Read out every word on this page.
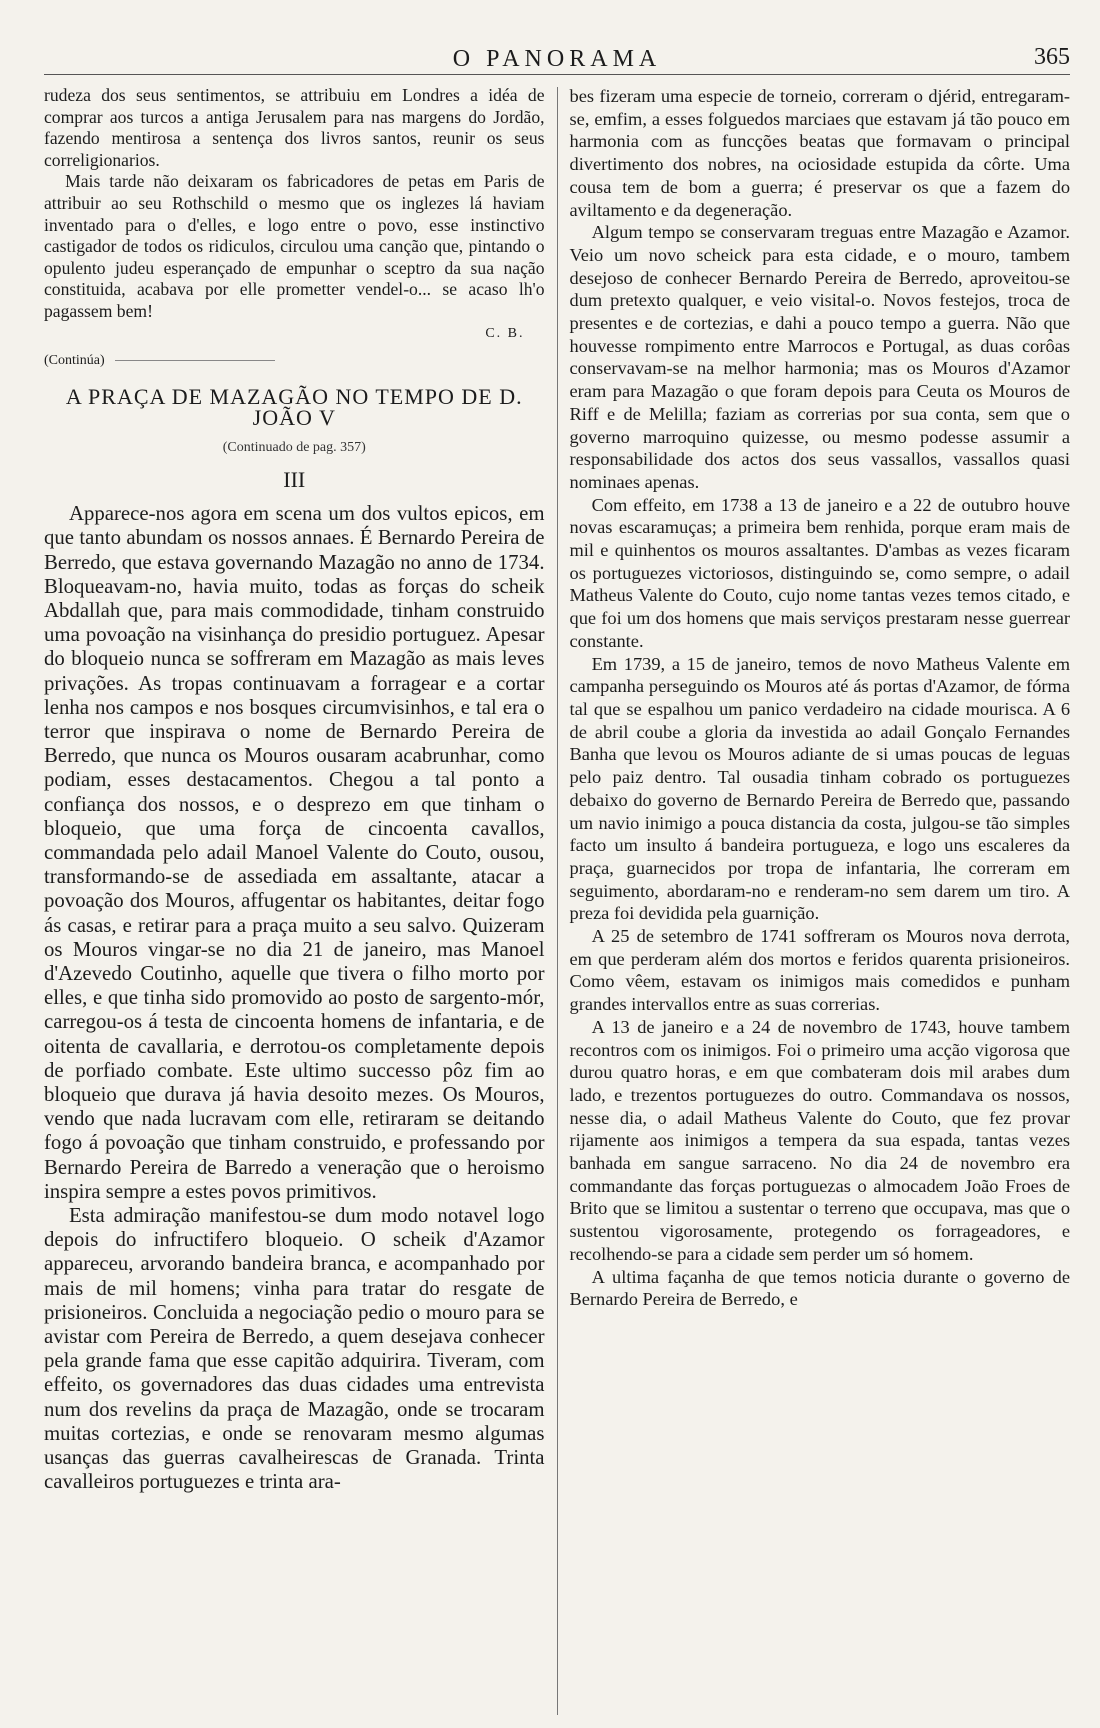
O PANORAMA	365

rudeza dos seus sentimentos, se attribuiu em Londres a idéa de comprar aos turcos a antiga Jerusalem para nas margens do Jordão, fazendo mentirosa a sentença dos livros santos, reunir os seus correligionarios.

Mais tarde não deixaram os fabricadores de petas em Paris de attribuir ao seu Rothschild o mesmo que os inglezes lá haviam inventado para o d'elles, e logo entre o povo, esse instinctivo castigador de todos os ridiculos, circulou uma canção que, pintando o opulento judeu esperançado de empunhar o sceptro da sua nação constituida, acabava por elle prometter vendel-o... se acaso lh'o pagassem bem!

C. B.
(Continúa)
A PRAÇA DE MAZAGÃO NO TEMPO DE D. JOÃO V
(Continuado de pag. 357)
III

Apparece-nos agora em scena um dos vultos epicos, em que tanto abundam os nossos annaes. É Bernardo Pereira de Berredo, que estava governando Mazagão no anno de 1734. Bloqueavam-no, havia muito, todas as forças do scheik Abdallah que, para mais commodidade, tinham construido uma povoação na visinhança do presidio portuguez. Apesar do bloqueio nunca se soffreram em Mazagão as mais leves privações. As tropas continuavam a forragear e a cortar lenha nos campos e nos bosques circumvisinhos, e tal era o terror que inspirava o nome de Bernardo Pereira de Berredo, que nunca os Mouros ousaram acabrunhar, como podiam, esses destacamentos. Chegou a tal ponto a confiança dos nossos, e o desprezo em que tinham o bloqueio, que uma força de cincoenta cavallos, commandada pelo adail Manoel Valente do Couto, ousou, transformando-se de assediada em assaltante, atacar a povoação dos Mouros, affugentar os habitantes, deitar fogo ás casas, e retirar para a praça muito a seu salvo. Quizeram os Mouros vingar-se no dia 21 de janeiro, mas Manoel d'Azevedo Coutinho, aquelle que tivera o filho morto por elles, e que tinha sido promovido ao posto de sargento-mór, carregou-os á testa de cincoenta homens de infantaria, e de oitenta de cavallaria, e derrotou-os completamente depois de porfiado combate. Este ultimo successo pôz fim ao bloqueio que durava já havia desoito mezes. Os Mouros, vendo que nada lucravam com elle, retiraram se deitando fogo á povoação que tinham construido, e professando por Bernardo Pereira de Barredo a veneração que o heroismo inspira sempre a estes povos primitivos.

Esta admiração manifestou-se dum modo notavel logo depois do infructifero bloqueio. O scheik d'Azamor appareceu, arvorando bandeira branca, e acompanhado por mais de mil homens; vinha para tratar do resgate de prisioneiros. Concluida a negociação pedio o mouro para se avistar com Pereira de Berredo, a quem desejava conhecer pela grande fama que esse capitão adquirira. Tiveram, com effeito, os governadores das duas cidades uma entrevista num dos revelins da praça de Mazagão, onde se trocaram muitas cortezias, e onde se renovaram mesmo algumas usanças das guerras cavalheirescas de Granada. Trinta cavalleiros portuguezes e trinta ara-

bes fizeram uma especie de torneio, correram o djérid, entregaram-se, emfim, a esses folguedos marciaes que estavam já tão pouco em harmonia com as funcções beatas que formavam o principal divertimento dos nobres, na ociosidade estupida da côrte. Uma cousa tem de bom a guerra; é preservar os que a fazem do aviltamento e da degeneração.

Algum tempo se conservaram treguas entre Mazagão e Azamor. Veio um novo scheick para esta cidade, e o mouro, tambem desejoso de conhecer Bernardo Pereira de Berredo, aproveitou-se dum pretexto qualquer, e veio visital-o. Novos festejos, troca de presentes e de cortezias, e dahi a pouco tempo a guerra. Não que houvesse rompimento entre Marrocos e Portugal, as duas corôas conservavam-se na melhor harmonia; mas os Mouros d'Azamor eram para Mazagão o que foram depois para Ceuta os Mouros de Riff e de Melilla; faziam as correrias por sua conta, sem que o governo marroquino quizesse, ou mesmo podesse assumir a responsabilidade dos actos dos seus vassallos, vassallos quasi nominaes apenas.

Com effeito, em 1738 a 13 de janeiro e a 22 de outubro houve novas escaramuças; a primeira bem renhida, porque eram mais de mil e quinhentos os mouros assaltantes. D'ambas as vezes ficaram os portuguezes victoriosos, distinguindo se, como sempre, o adail Matheus Valente do Couto, cujo nome tantas vezes temos citado, e que foi um dos homens que mais serviços prestaram nesse guerrear constante.

Em 1739, a 15 de janeiro, temos de novo Matheus Valente em campanha perseguindo os Mouros até ás portas d'Azamor, de fórma tal que se espalhou um panico verdadeiro na cidade mourisca. A 6 de abril coube a gloria da investida ao adail Gonçalo Fernandes Banha que levou os Mouros adiante de si umas poucas de leguas pelo paiz dentro. Tal ousadia tinham cobrado os portuguezes debaixo do governo de Bernardo Pereira de Berredo que, passando um navio inimigo a pouca distancia da costa, julgou-se tão simples facto um insulto á bandeira portugueza, e logo uns escaleres da praça, guarnecidos por tropa de infantaria, lhe correram em seguimento, abordaram-no e renderam-no sem darem um tiro. A preza foi devidida pela guarnição.

A 25 de setembro de 1741 soffreram os Mouros nova derrota, em que perderam além dos mortos e feridos quarenta prisioneiros. Como vêem, estavam os inimigos mais comedidos e punham grandes intervallos entre as suas correrias.

A 13 de janeiro e a 24 de novembro de 1743, houve tambem recontros com os inimigos. Foi o primeiro uma acção vigorosa que durou quatro horas, e em que combateram dois mil arabes dum lado, e trezentos portuguezes do outro. Commandava os nossos, nesse dia, o adail Matheus Valente do Couto, que fez provar rijamente aos inimigos a tempera da sua espada, tantas vezes banhada em sangue sarraceno. No dia 24 de novembro era commandante das forças portuguezas o almocadem João Froes de Brito que se limitou a sustentar o terreno que occupava, mas que o sustentou vigorosamente, protegendo os forrageadores, e recolhendo-se para a cidade sem perder um só homem.

A ultima façanha de que temos noticia durante o governo de Bernardo Pereira de Berredo, e
